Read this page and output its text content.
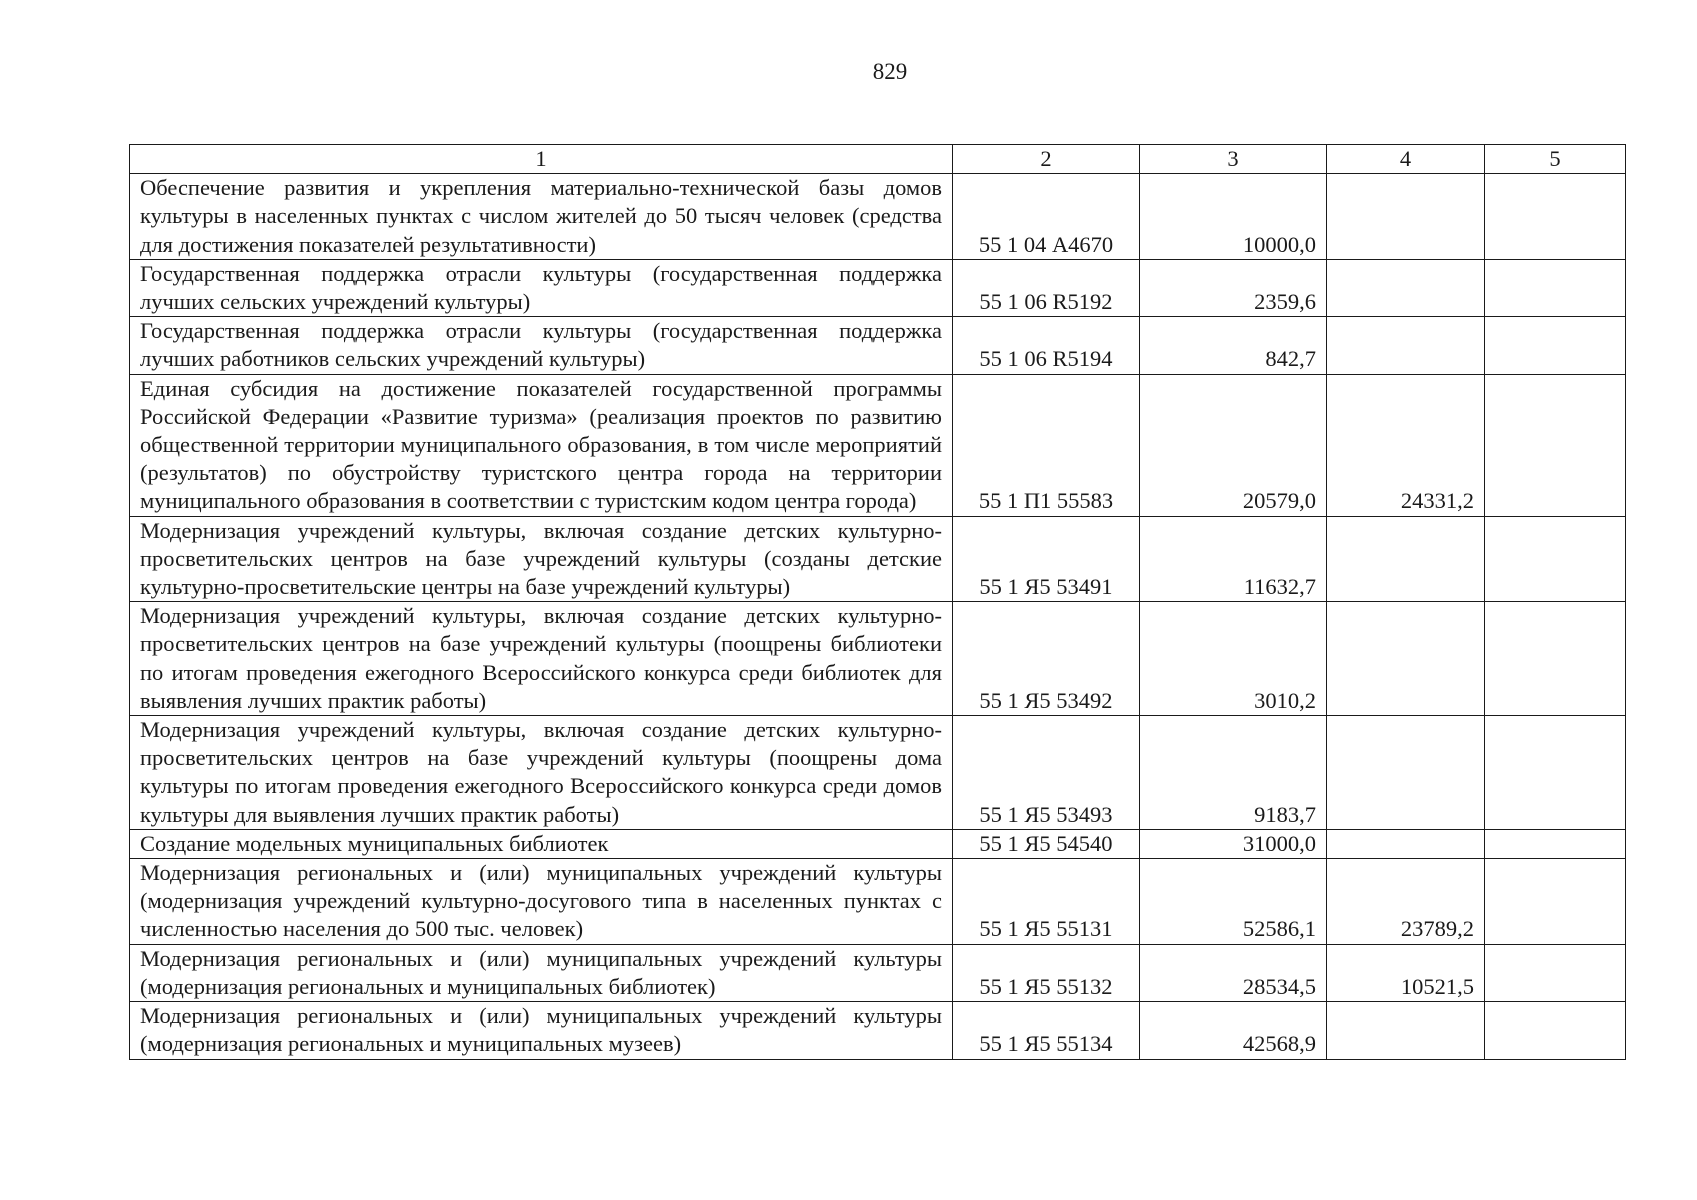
829
1	2	3	4	5
Обеспечение развития и укрепления материально-технической базы домов культуры в населенных пунктах с числом жителей до 50 тысяч человек (средства для достижения показателей результативности)	55 1 04 А4670	10000,0		
Государственная поддержка отрасли культуры (государственная поддержка лучших сельских учреждений культуры)	55 1 06 R5192	2359,6		
Государственная поддержка отрасли культуры (государственная поддержка лучших работников сельских учреждений культуры)	55 1 06 R5194	842,7		
Единая субсидия на достижение показателей государственной программы Российской Федерации «Развитие туризма» (реализация проектов по развитию общественной территории муниципального образования, в том числе мероприятий (результатов) по обустройству туристского центра города на территории муниципального образования в соответствии с туристским кодом центра города)	55 1 П1 55583	20579,0	24331,2	
Модернизация учреждений культуры, включая создание детских культурно-просветительских центров на базе учреждений культуры (созданы детские культурно-просветительские центры на базе учреждений культуры)	55 1 Я5 53491	11632,7		
Модернизация учреждений культуры, включая создание детских культурно-просветительских центров на базе учреждений культуры (поощрены библиотеки по итогам проведения ежегодного Всероссийского конкурса среди библиотек для выявления лучших практик работы)	55 1 Я5 53492	3010,2		
Модернизация учреждений культуры, включая создание детских культурно-просветительских центров на базе учреждений культуры (поощрены дома культуры по итогам проведения ежегодного Всероссийского конкурса среди домов культуры для выявления лучших практик работы)	55 1 Я5 53493	9183,7		
Создание модельных муниципальных библиотек	55 1 Я5 54540	31000,0		
Модернизация региональных и (или) муниципальных учреждений культуры (модернизация учреждений культурно-досугового типа в населенных пунктах с численностью населения до 500 тыс. человек)	55 1 Я5 55131	52586,1	23789,2	
Модернизация региональных и (или) муниципальных учреждений культуры (модернизация региональных и муниципальных библиотек)	55 1 Я5 55132	28534,5	10521,5	
Модернизация региональных и (или) муниципальных учреждений культуры (модернизация региональных и муниципальных музеев)	55 1 Я5 55134	42568,9		
